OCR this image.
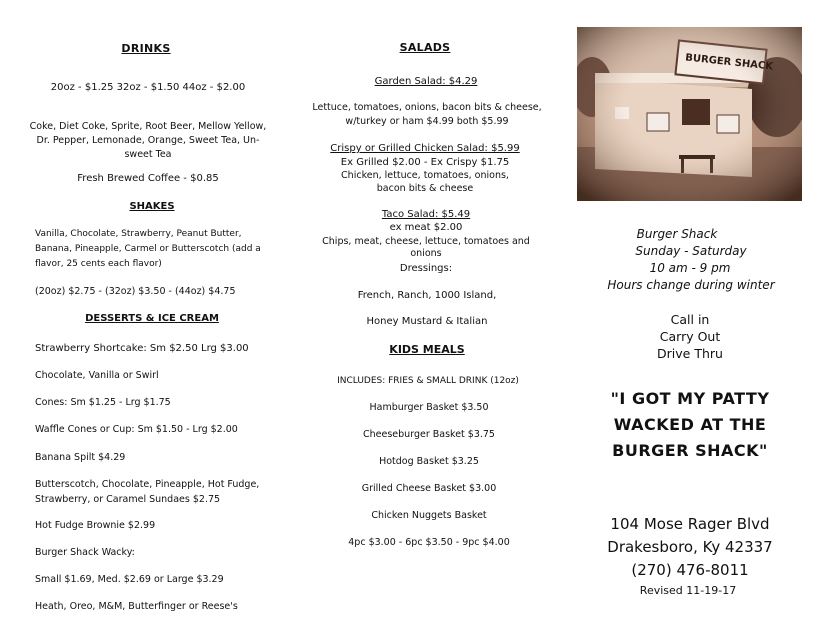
DRINKS
20oz - $1.25 32oz - $1.50 44oz - $2.00
Coke, Diet Coke, Sprite, Root Beer, Mellow Yellow, Dr. Pepper, Lemonade, Orange, Sweet Tea, Un-sweet Tea
Fresh Brewed Coffee - $0.85
SHAKES
Vanilla, Chocolate, Strawberry, Peanut Butter, Banana, Pineapple, Carmel or Butterscotch (add a flavor, 25 cents each flavor)
(20oz) $2.75 - (32oz) $3.50 - (44oz) $4.75
DESSERTS & ICE CREAM
Strawberry Shortcake: Sm $2.50 Lrg $3.00
Chocolate, Vanilla or Swirl
Cones: Sm $1.25 - Lrg $1.75
Waffle Cones or Cup: Sm $1.50 - Lrg $2.00
Banana Spilt $4.29
Butterscotch, Chocolate, Pineapple, Hot Fudge, Strawberry, or Caramel Sundaes $2.75
Hot Fudge Brownie $2.99
Burger Shack Wacky:
Small $1.69, Med. $2.69 or Large $3.29
Heath, Oreo, M&M, Butterfinger or Reese's
SALADS
Garden Salad: $4.29
Lettuce, tomatoes, onions, bacon bits & cheese, w/turkey or ham $4.99 both $5.99
Crispy or Grilled Chicken Salad: $5.99
Ex Grilled $2.00 - Ex Crispy $1.75
Chicken, lettuce, tomatoes, onions, bacon bits & cheese
Taco Salad: $5.49
ex meat $2.00
Chips, meat, cheese, lettuce, tomatoes and onions
Dressings:
French, Ranch, 1000 Island,
Honey Mustard & Italian
KIDS MEALS
INCLUDES: FRIES & SMALL DRINK (12oz)
Hamburger Basket $3.50
Cheeseburger Basket $3.75
Hotdog Basket $3.25
Grilled Cheese Basket $3.00
Chicken Nuggets Basket
4pc $3.00 - 6pc $3.50 - 9pc $4.00
BURGER SHACK
Burger Shack
Sunday - Saturday
10 am - 9 pm
Hours change during winter
Call in
Carry Out
Drive Thru
"I GOT MY PATTY
WACKED AT THE
BURGER SHACK"
104 Mose Rager Blvd
Drakesboro, Ky 42337
(270) 476-8011
Revised 11-19-17
